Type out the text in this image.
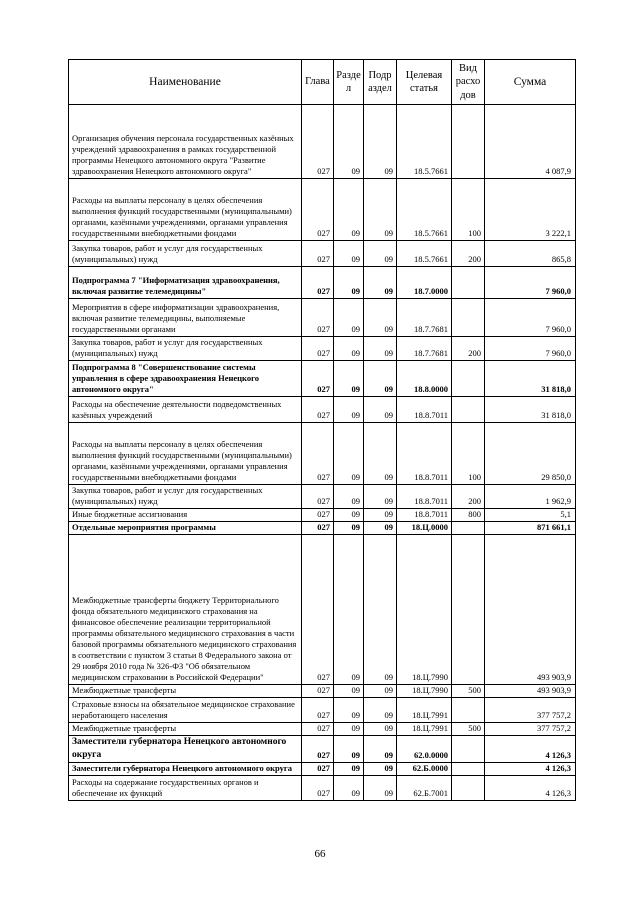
Наименование	Глава	Разде л	Подр аздел	Целевая статья	Вид расхо дов	Сумма
Организация обучения персонала государственных казённых учреждений здравоохранения в рамках государственной программы Ненецкого автономного округа "Развитие здравоохранения Ненецкого автономного округа"	027	09	09	18.5.7661		4 087,9
Расходы на выплаты персоналу в целях обеспечения выполнения функций государственными (муниципальными) органами, казёнными учреждениями, органами управления государственными внебюджетными фондами	027	09	09	18.5.7661	100	3 222,1
Закупка товаров, работ и услуг для государственных (муниципальных) нужд	027	09	09	18.5.7661	200	865,8
Подпрограмма 7 "Информатизация здравоохранения, включая развитие телемедицины"	027	09	09	18.7.0000		7 960,0
Мероприятия в сфере информатизации здравоохранения, включая развитие телемедицины, выполняемые государственными органами	027	09	09	18.7.7681		7 960,0
Закупка товаров, работ и услуг для государственных (муниципальных) нужд	027	09	09	18.7.7681	200	7 960,0
Подпрограмма 8 "Совершенствование системы управления в сфере здравоохранения Ненецкого автономного округа"	027	09	09	18.8.0000		31 818,0
Расходы на обеспечение деятельности подведомственных казённых учреждений	027	09	09	18.8.7011		31 818,0
Расходы на выплаты персоналу в целях обеспечения выполнения функций государственными (муниципальными) органами, казёнными учреждениями, органами управления государственными внебюджетными фондами	027	09	09	18.8.7011	100	29 850,0
Закупка товаров, работ и услуг для государственных (муниципальных) нужд	027	09	09	18.8.7011	200	1 962,9
Иные бюджетные ассигнования	027	09	09	18.8.7011	800	5,1
Отдельные мероприятия программы	027	09	09	18.Ц.0000		871 661,1
Межбюджетные трансферты бюджету Территориального фонда обязательного медицинского страхования на финансовое обеспечение реализации территориальной программы обязательного медицинского страхования в части базовой программы обязательного медицинского страхования в соответствии с пунктом 3 статьи 8 Федерального закона от 29 ноября 2010 года № 326-ФЗ "Об обязательном медицинском страховании в Российской Федерации"	027	09	09	18.Ц.7990		493 903,9
Межбюджетные трансферты	027	09	09	18.Ц.7990	500	493 903,9
Страховые взносы на обязательное медицинское страхование неработающего населения	027	09	09	18.Ц.7991		377 757,2
Межбюджетные трансферты	027	09	09	18.Ц.7991	500	377 757,2
Заместители губернатора Ненецкого автономного округа	027	09	09	62.0.0000		4 126,3
Заместители губернатора Ненецкого автономного округа	027	09	09	62.Б.0000		4 126,3
Расходы на содержание государственных органов и обеспечение их функций	027	09	09	62.Б.7001		4 126,3
66
